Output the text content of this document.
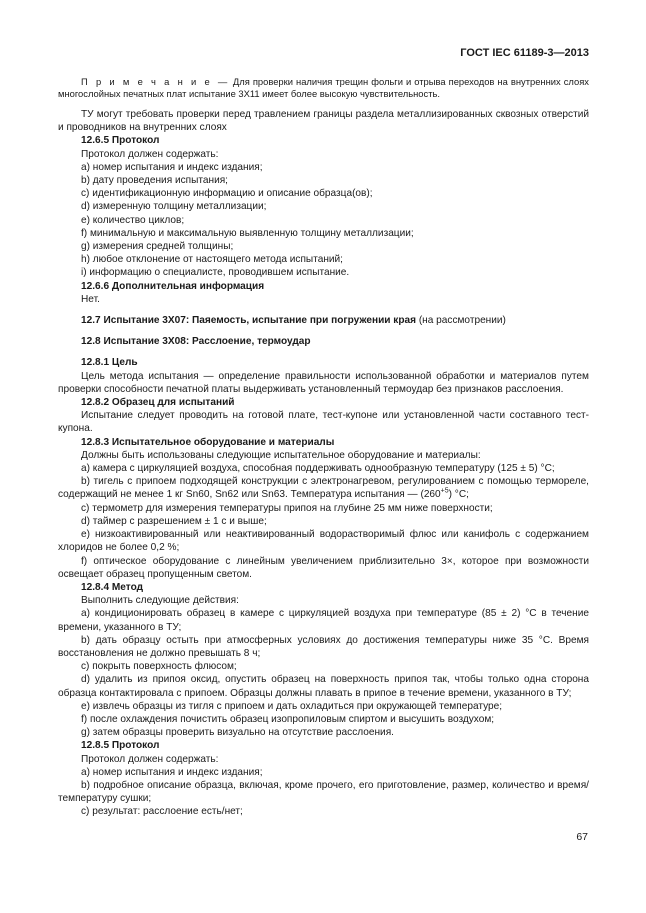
ГОСТ IEC 61189-3—2013

П р и м е ч а н и е — Для проверки наличия трещин фольги и отрыва переходов на внутренних слоях многослойных печатных плат испытание 3X11 имеет более высокую чувствительность.

ТУ могут требовать проверки перед травлением границы раздела металлизированных сквозных отверстий и проводников на внутренних слоях

12.6.5 Протокол

Протокол должен содержать:

a) номер испытания и индекс издания;

b) дату проведения испытания;

c) идентификационную информацию и описание образца(ов);

d) измеренную толщину металлизации;

e) количество циклов;

f) минимальную и максимальную выявленную толщину металлизации;

g) измерения средней толщины;

h) любое отклонение от настоящего метода испытаний;

i) информацию о специалисте, проводившем испытание.

12.6.6 Дополнительная информация

Нет.

12.7 Испытание 3X07: Паяемость, испытание при погружении края (на рассмотрении)

12.8 Испытание 3X08: Расслоение, термоудар

12.8.1 Цель

Цель метода испытания — определение правильности использованной обработки и материалов путем проверки способности печатной платы выдерживать установленный термоудар без признаков расслоения.

12.8.2 Образец для испытаний

Испытание следует проводить на готовой плате, тест-купоне или установленной части составного тест-купона.

12.8.3 Испытательное оборудование и материалы

Должны быть использованы следующие испытательное оборудование и материалы:

a) камера с циркуляцией воздуха, способная поддерживать однообразную температуру (125 ± 5) °C;

b) тигель с припоем подходящей конструкции с электронагревом, регулированием с помощью термореле, содержащий не менее 1 кг Sn60, Sn62 или Sn63. Температура испытания — $(260^{+5})$ °C;

c) термометр для измерения температуры припоя на глубине 25 мм ниже поверхности;

d) таймер с разрешением ± 1 с и выше;

e) низкоактивированный или неактивированный водорастворимый флюс или канифоль с содержанием хлоридов не более 0,2 %;

f) оптическое оборудование с линейным увеличением приблизительно 3×, которое при возможности освещает образец пропущенным светом.

12.8.4 Метод

Выполнить следующие действия:

a) кондиционировать образец в камере с циркуляцией воздуха при температуре (85 ± 2) °C в течение времени, указанного в ТУ;

b) дать образцу остыть при атмосферных условиях до достижения температуры ниже 35 °C. Время восстановления не должно превышать 8 ч;

c) покрыть поверхность флюсом;

d) удалить из припоя оксид, опустить образец на поверхность припоя так, чтобы только одна сторона образца контактировала с припоем. Образцы должны плавать в припое в течение времени, указанного в ТУ;

e) извлечь образцы из тигля с припоем и дать охладиться при окружающей температуре;

f) после охлаждения почистить образец изопропиловым спиртом и высушить воздухом;

g) затем образцы проверить визуально на отсутствие расслоения.

12.8.5 Протокол

Протокол должен содержать:

a) номер испытания и индекс издания;

b) подробное описание образца, включая, кроме прочего, его приготовление, размер, количество и время/температуру сушки;

c) результат: расслоение есть/нет;

67
